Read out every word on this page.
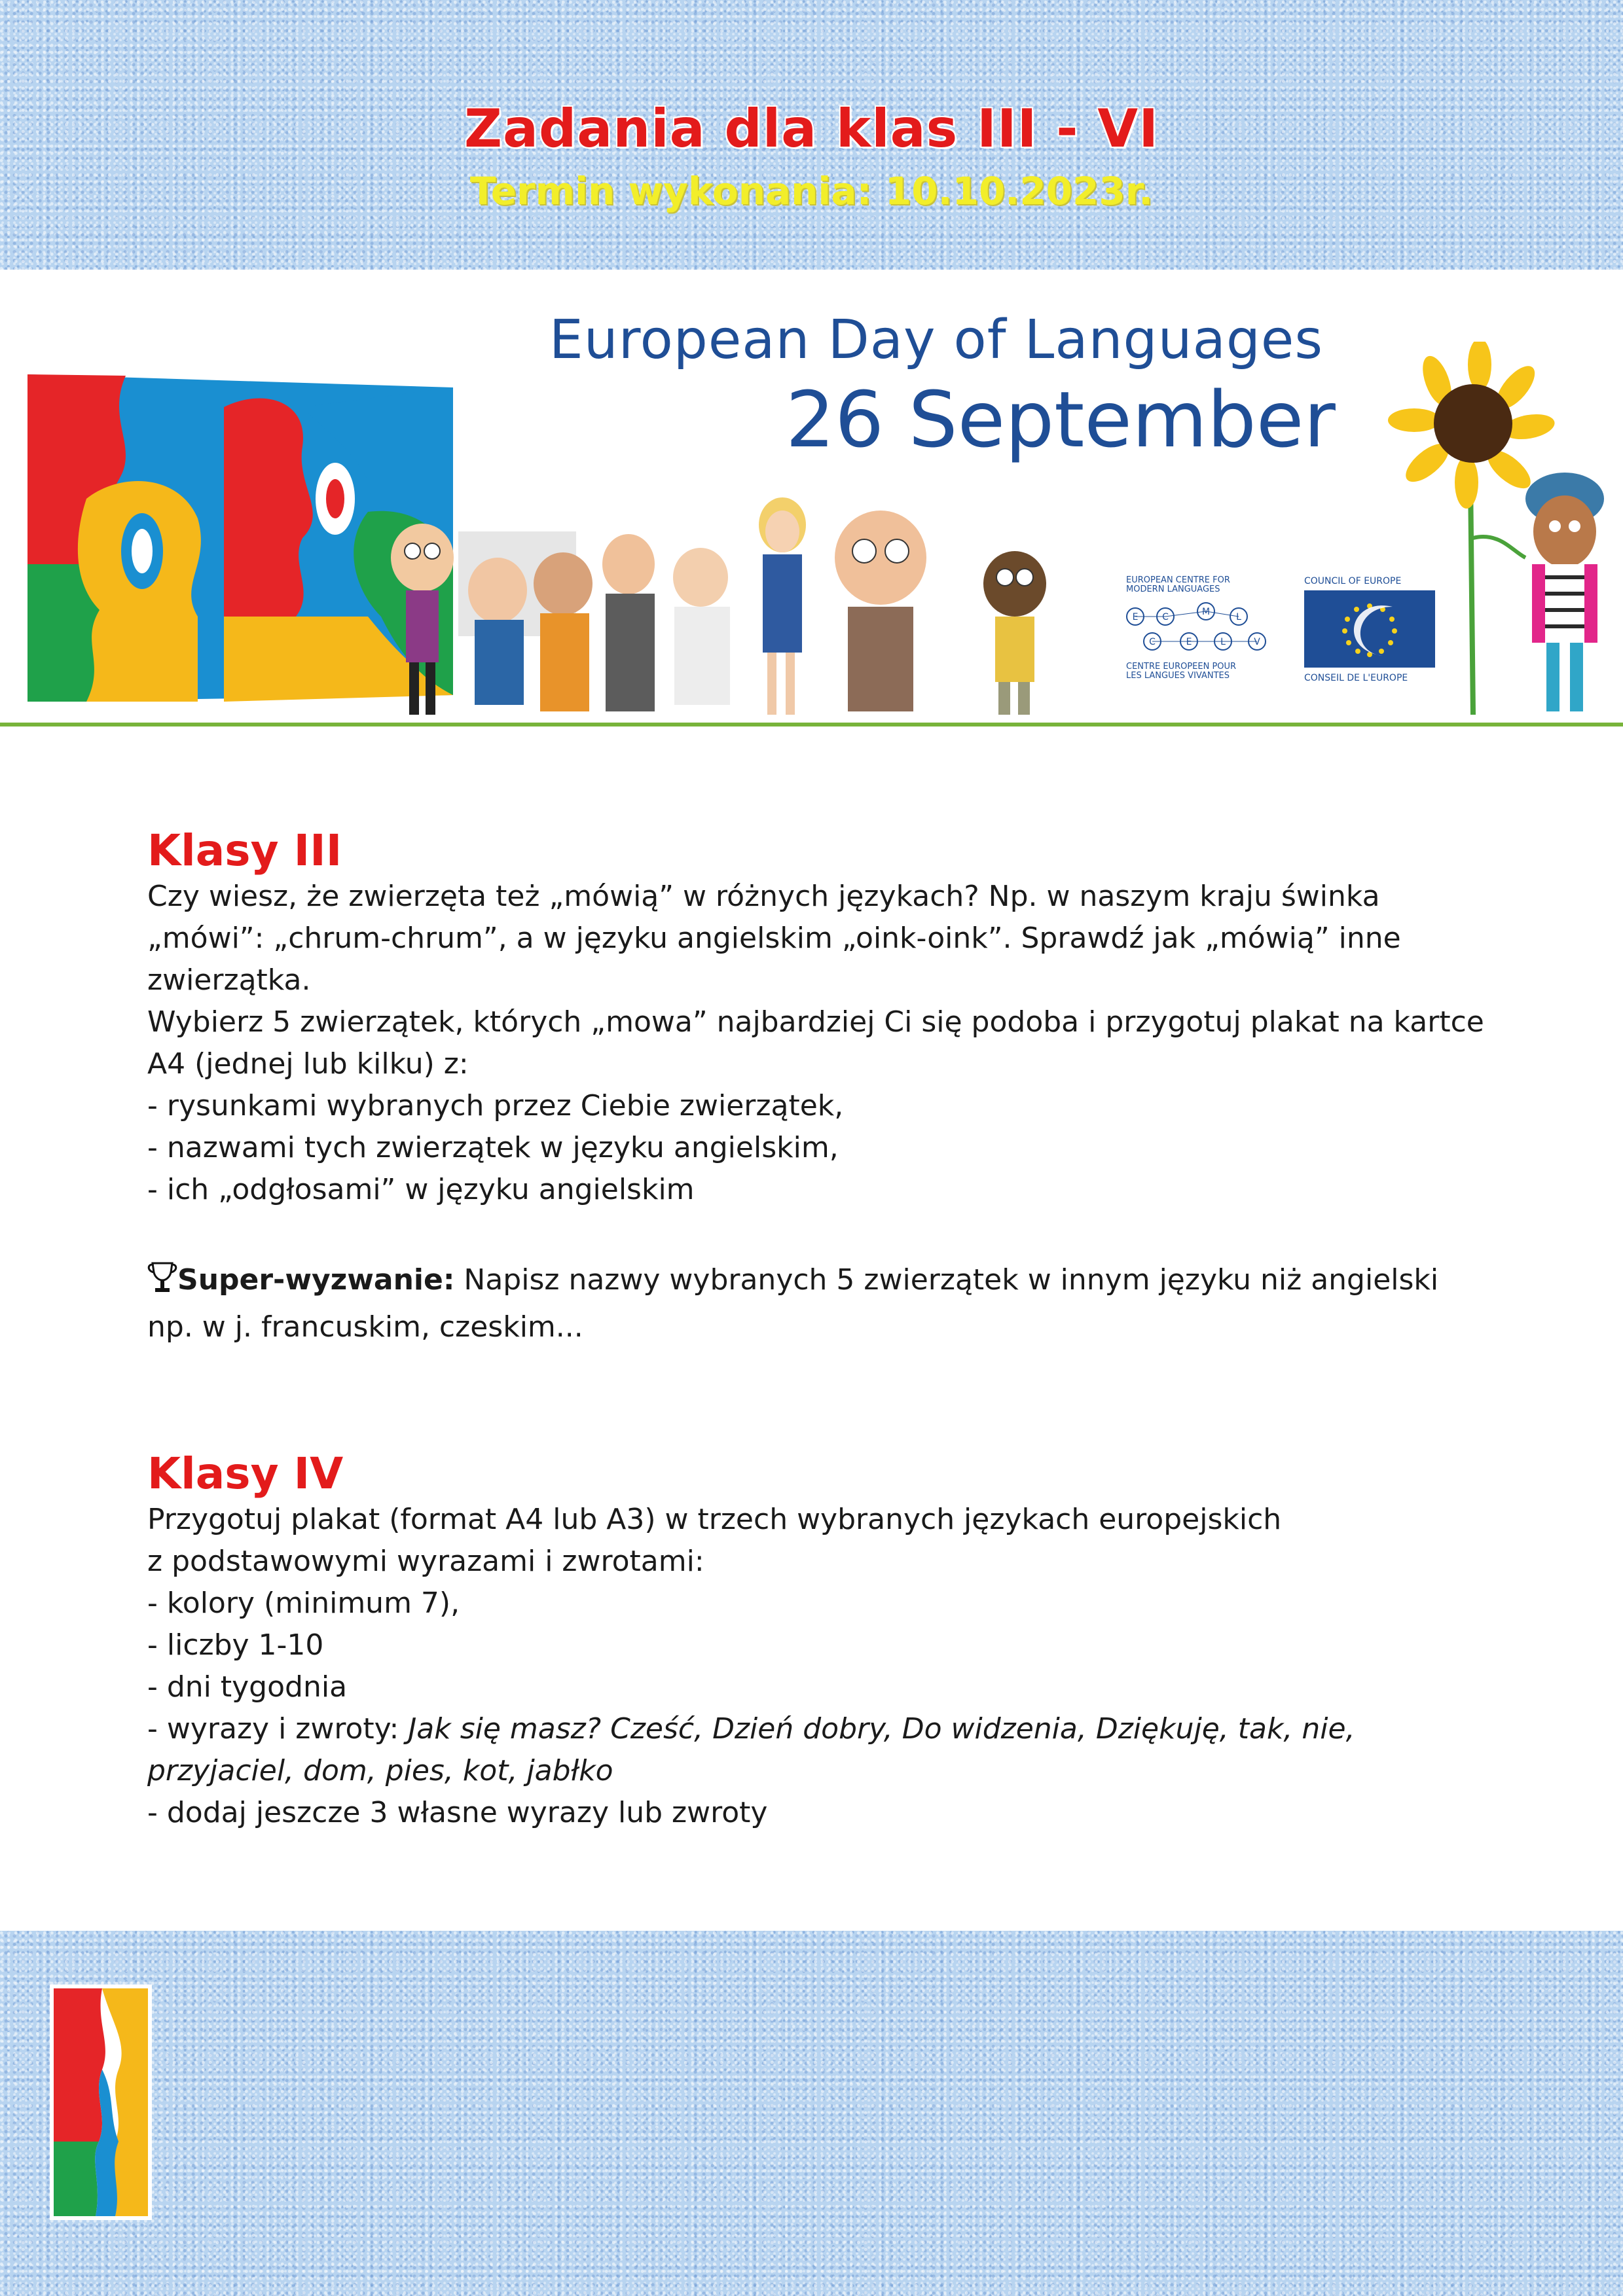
Zadania dla klas III - VI
Termin wykonania: 10.10.2023r.
European Day of Languages
26 September
EUROPEAN CENTRE FOR
MODERN LANGUAGES
E	C	M	L
C	E	L	V
CENTRE EUROPEEN POUR
LES LANGUES VIVANTES
COUNCIL OF EUROPE
CONSEIL DE L'EUROPE
Klasy III
Czy wiesz, że zwierzęta też „mówią” w różnych językach? Np. w naszym kraju świnka
„mówi”: „chrum-chrum”, a w języku angielskim „oink-oink”. Sprawdź jak „mówią” inne
zwierzątka.
Wybierz 5 zwierzątek, których „mowa” najbardziej Ci się podoba i przygotuj plakat na kartce
A4 (jednej lub kilku) z:
- rysunkami wybranych przez Ciebie zwierzątek,
- nazwami tych zwierzątek w języku angielskim,
- ich „odgłosami” w języku angielskim
Super-wyzwanie: Napisz nazwy wybranych 5 zwierzątek w innym języku niż angielski
np. w j. francuskim, czeskim...
Klasy IV
Przygotuj plakat (format A4 lub A3) w trzech wybranych językach europejskich
z podstawowymi wyrazami i zwrotami:
- kolory (minimum 7),
- liczby 1-10
- dni tygodnia
- wyrazy i zwroty: Jak się masz? Cześć, Dzień dobry, Do widzenia, Dziękuję, tak, nie,
przyjaciel, dom, pies, kot, jabłko
- dodaj jeszcze 3 własne wyrazy lub zwroty
